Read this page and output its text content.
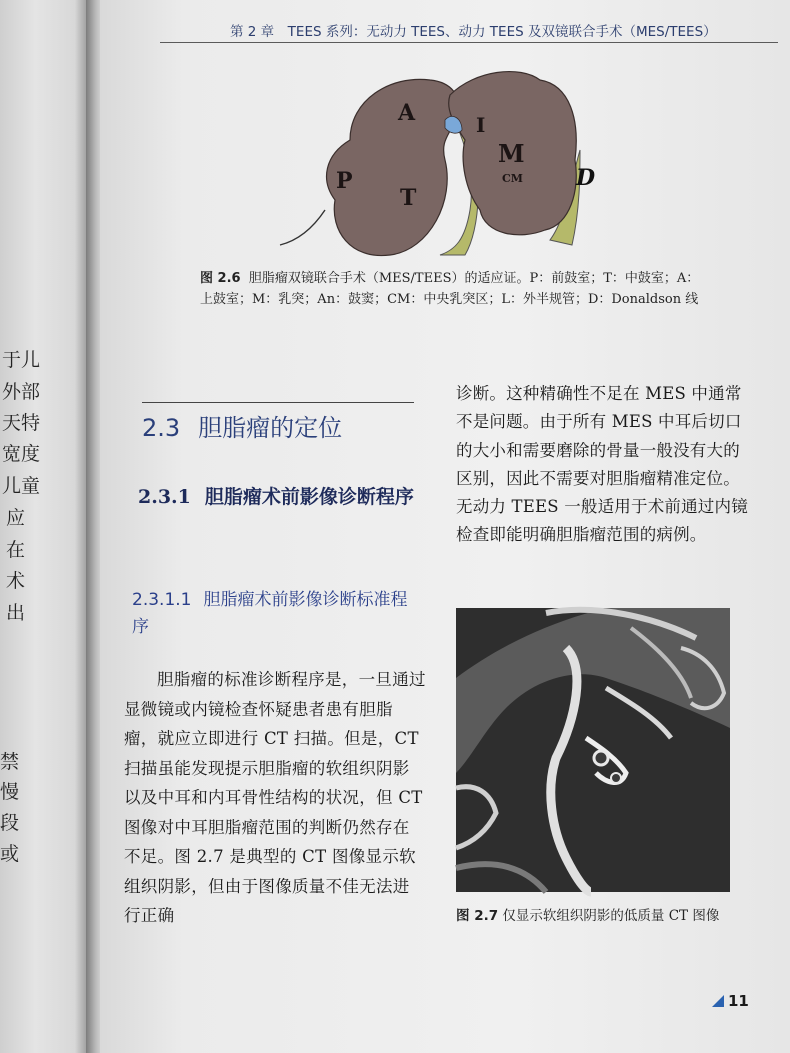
于儿
外部
天特
宽度
儿童
应
在
术
出
禁
慢
段
或
第 2 章　TEES 系列：无动力 TEES、动力 TEES 及双镜联合手术（MES/TEES）
A
P
T
I
M
CM D
图 2.6 胆脂瘤双镜联合手术（MES/TEES）的适应证。P：前鼓室；T：中鼓室；A：上鼓室；M：乳突；An：鼓窦；CM：中央乳突区；L：外半规管；D：Donaldson 线
2.3 胆脂瘤的定位
2.3.1 胆脂瘤术前影像诊断程序
2.3.1.1 胆脂瘤术前影像诊断标准程序
胆脂瘤的标准诊断程序是，一旦通过显微镜或内镜检查怀疑患者患有胆脂瘤，就应立即进行 CT 扫描。但是，CT 扫描虽能发现提示胆脂瘤的软组织阴影以及中耳和内耳骨性结构的状况，但 CT 图像对中耳胆脂瘤范围的判断仍然存在不足。图 2.7 是典型的 CT 图像显示软组织阴影，但由于图像质量不佳无法进行正确
诊断。这种精确性不足在 MES 中通常不是问题。由于所有 MES 中耳后切口的大小和需要磨除的骨量一般没有大的区别，因此不需要对胆脂瘤精准定位。无动力 TEES 一般适用于术前通过内镜检查即能明确胆脂瘤范围的病例。
图 2.7 仅显示软组织阴影的低质量 CT 图像
11
